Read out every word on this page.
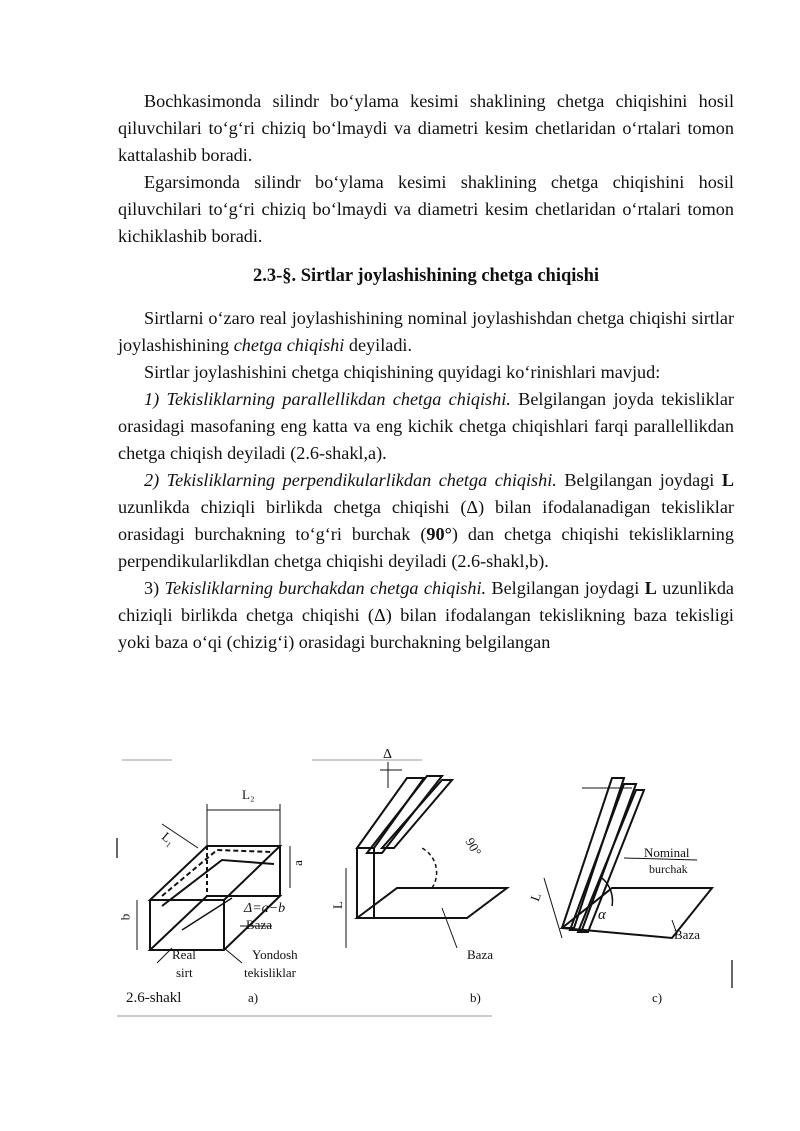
Bochkasimonda silindr bo‘ylama kesimi shaklining chetga chiqishini hosil qiluvchilari to‘g‘ri chiziq bo‘lmaydi va diametri kesim chetlaridan o‘rtalari tomon kattalashib boradi.

Egarsimonda silindr bo‘ylama kesimi shaklining chetga chiqishini hosil qiluvchilari to‘g‘ri chiziq bo‘lmaydi va diametri kesim chetlaridan o‘rtalari tomon kichiklashib boradi.

2.3-§. Sirtlar joylashishining chetga chiqishi

Sirtlarni o‘zaro real joylashishining nominal joylashishdan chetga chiqishi sirtlar joylashishining chetga chiqishi deyiladi.

Sirtlar joylashishini chetga chiqishining quyidagi ko‘rinishlari mavjud:

1) Tekisliklarning parallellikdan chetga chiqishi. Belgilangan joyda tekisliklar orasidagi masofaning eng katta va eng kichik chetga chiqishlari farqi parallellikdan chetga chiqish deyiladi (2.6-shakl,a).

2) Tekisliklarning perpendikularlikdan chetga chiqishi. Belgilangan joydagi L uzunlikda chiziqli birlikda chetga chiqishi (Δ) bilan ifodalanadigan tekisliklar orasidagi burchakning to‘g‘ri burchak (90°) dan chetga chiqishi tekisliklarning perpendikularlikdlan chetga chiqishi deyiladi (2.6-shakl,b).

3) Tekisliklarning burchakdan chetga chiqishi. Belgilangan joydagi L uzunlikda chiziqli birlikda chetga chiqishi (Δ) bilan ifodalangan tekislikning baza tekisligi yoki baza o‘qi (chizig‘i) orasidagi burchakning belgilangan

L₂
L₁
a
b
Δ=a−b
Baza
Real
sirt
Yondosh
tekisliklar
Δ
90°
L
Baza
Nominal
burchak
L
α
Baza
2.6-shakl	a)	b)	c)
